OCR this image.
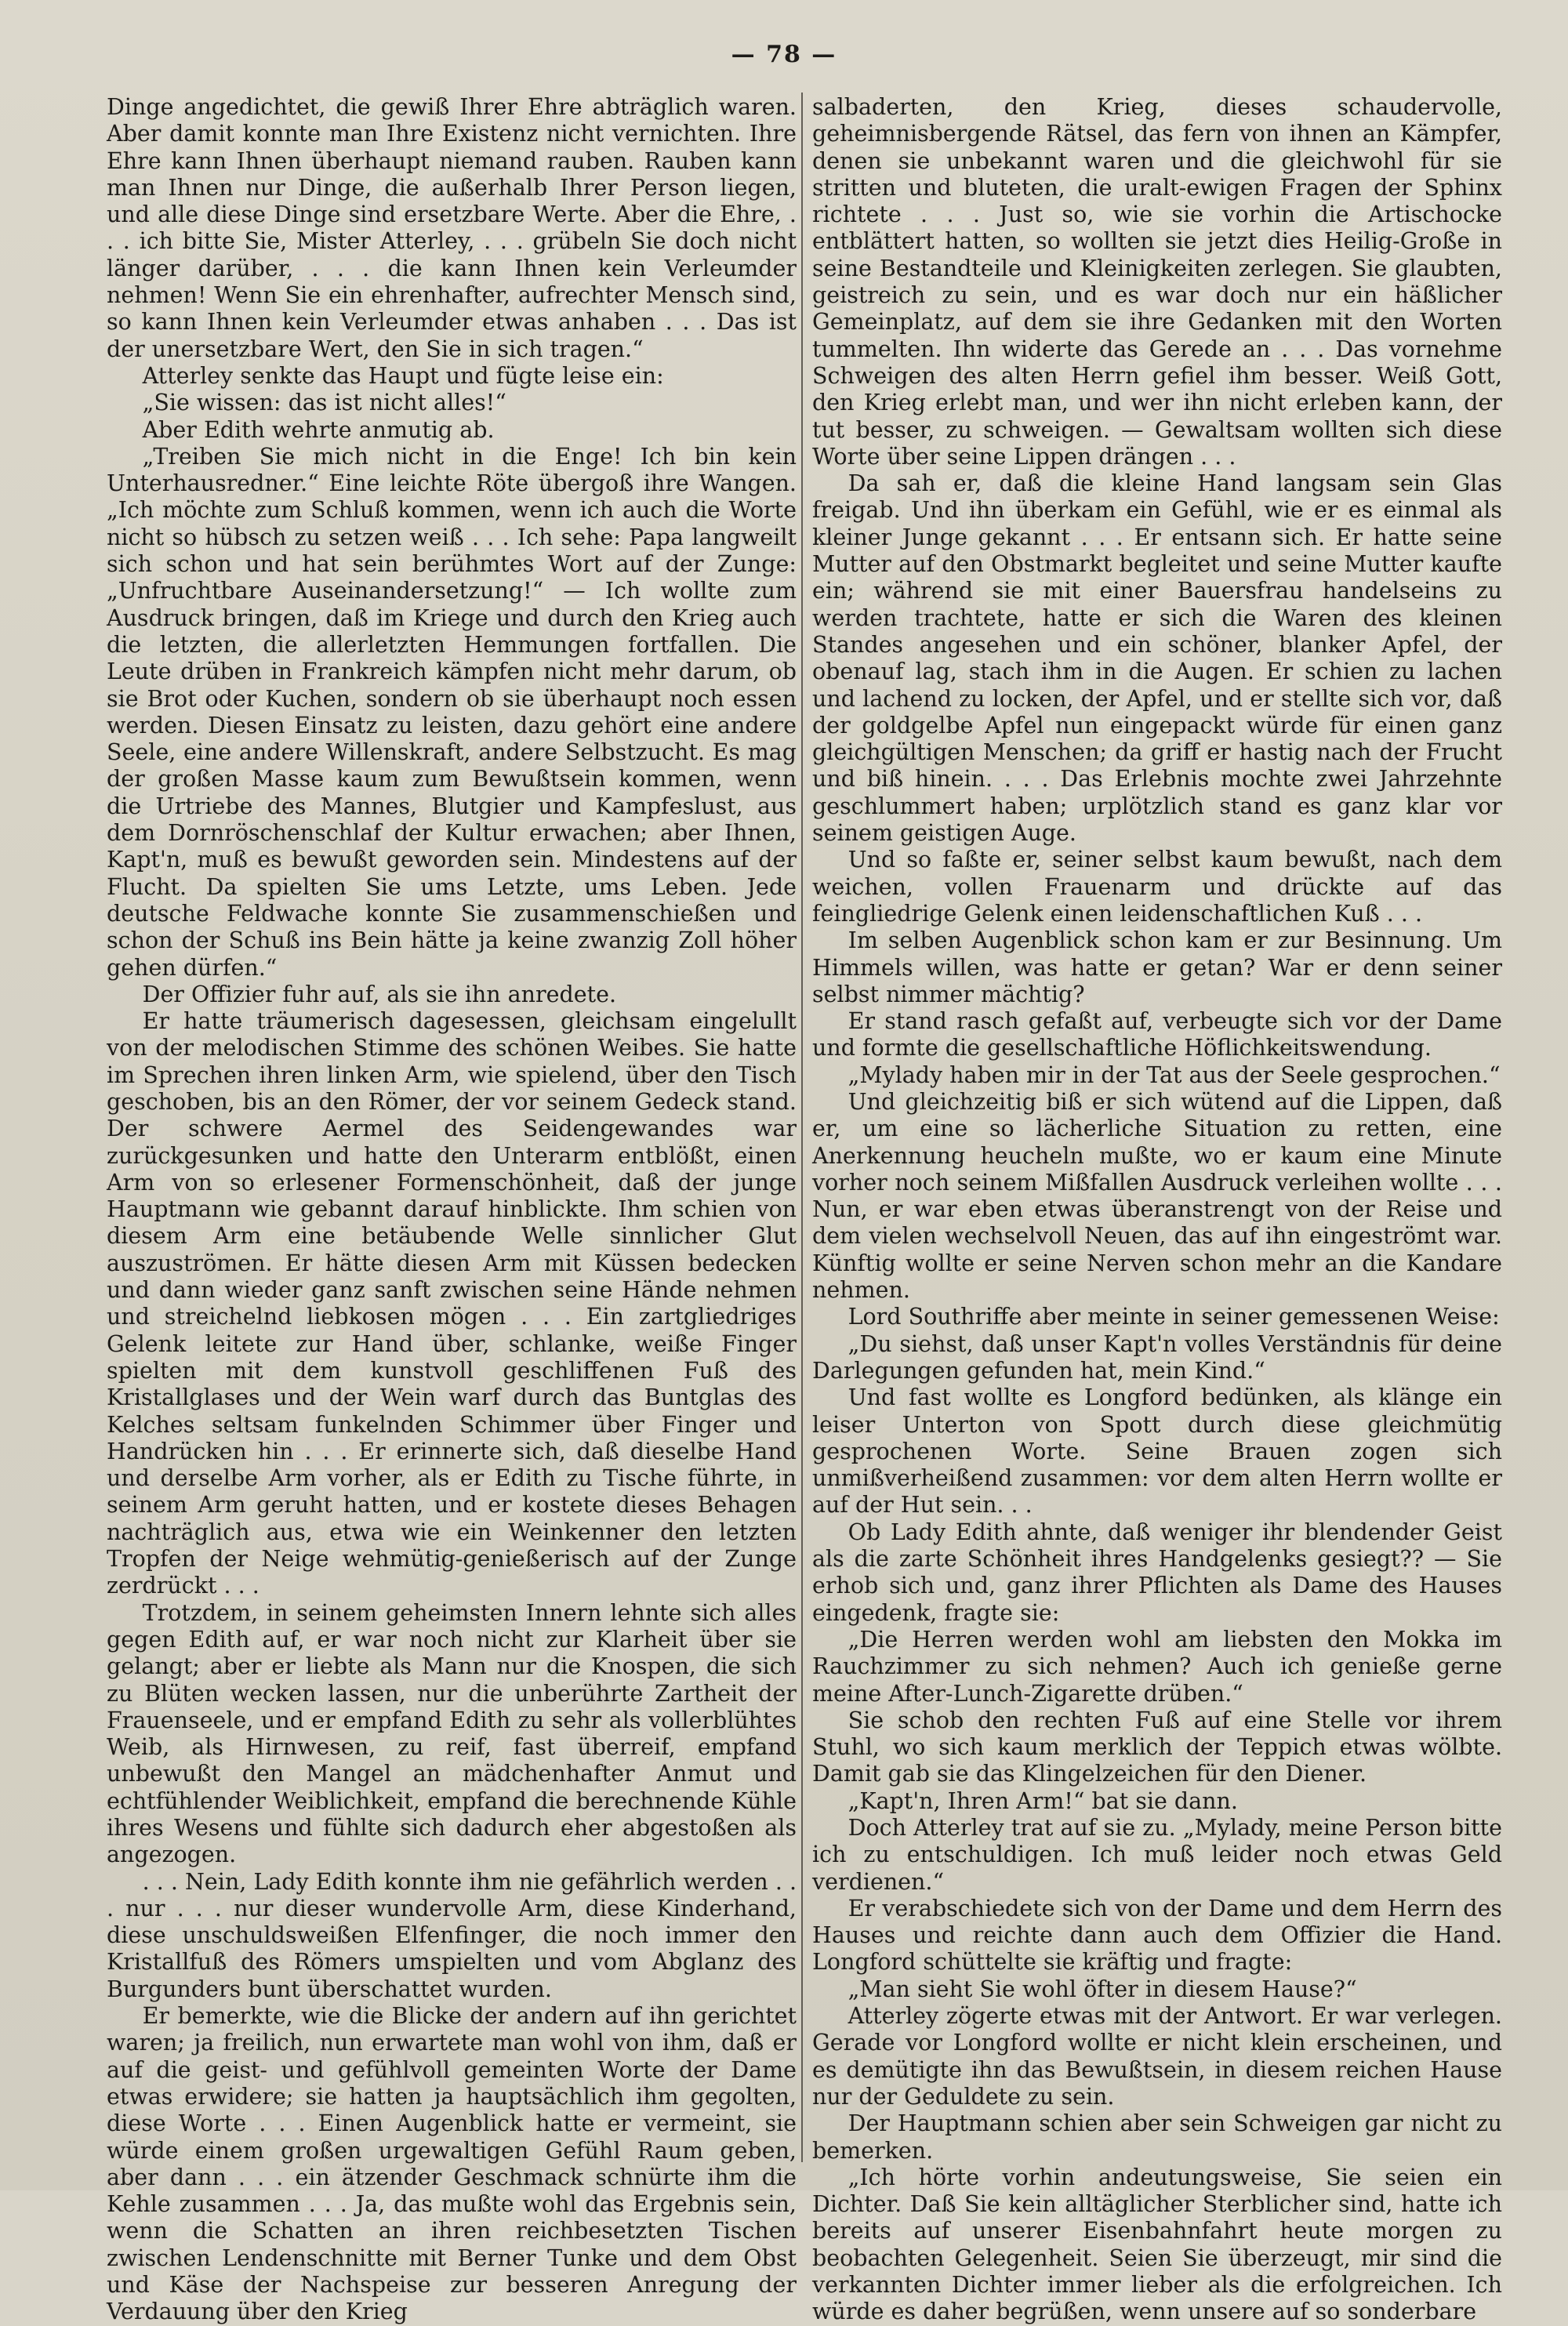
— 78 —

Dinge angedichtet, die gewiß Ihrer Ehre abträglich waren. Aber damit konnte man Ihre Existenz nicht vernichten. Ihre Ehre kann Ihnen überhaupt niemand rauben. Rauben kann man Ihnen nur Dinge, die außerhalb Ihrer Person liegen, und alle diese Dinge sind ersetzbare Werte. Aber die Ehre, . . . ich bitte Sie, Mister Atterley, . . . grübeln Sie doch nicht länger darüber, . . . die kann Ihnen kein Verleumder nehmen! Wenn Sie ein ehrenhafter, aufrechter Mensch sind, so kann Ihnen kein Verleumder etwas anhaben . . . Das ist der unersetzbare Wert, den Sie in sich tragen.“

Atterley senkte das Haupt und fügte leise ein:

„Sie wissen: das ist nicht alles!“

Aber Edith wehrte anmutig ab.

„Treiben Sie mich nicht in die Enge! Ich bin kein Unterhausredner.“ Eine leichte Röte übergoß ihre Wangen. „Ich möchte zum Schluß kommen, wenn ich auch die Worte nicht so hübsch zu setzen weiß . . . Ich sehe: Papa langweilt sich schon und hat sein berühmtes Wort auf der Zunge: „Unfruchtbare Auseinandersetzung!“ — Ich wollte zum Ausdruck bringen, daß im Kriege und durch den Krieg auch die letzten, die allerletzten Hemmungen fortfallen. Die Leute drüben in Frankreich kämpfen nicht mehr darum, ob sie Brot oder Kuchen, sondern ob sie überhaupt noch essen werden. Diesen Einsatz zu leisten, dazu gehört eine andere Seele, eine andere Willenskraft, andere Selbstzucht. Es mag der großen Masse kaum zum Bewußtsein kommen, wenn die Urtriebe des Mannes, Blutgier und Kampfeslust, aus dem Dornröschenschlaf der Kultur erwachen; aber Ihnen, Kapt'n, muß es bewußt geworden sein. Mindestens auf der Flucht. Da spielten Sie ums Letzte, ums Leben. Jede deutsche Feldwache konnte Sie zusammenschießen und schon der Schuß ins Bein hätte ja keine zwanzig Zoll höher gehen dürfen.“

Der Offizier fuhr auf, als sie ihn anredete.

Er hatte träumerisch dagesessen, gleichsam eingelullt von der melodischen Stimme des schönen Weibes. Sie hatte im Sprechen ihren linken Arm, wie spielend, über den Tisch geschoben, bis an den Römer, der vor seinem Gedeck stand. Der schwere Aermel des Seidengewandes war zurückgesunken und hatte den Unterarm entblößt, einen Arm von so erlesener Formenschönheit, daß der junge Hauptmann wie gebannt darauf hinblickte. Ihm schien von diesem Arm eine betäubende Welle sinnlicher Glut auszuströmen. Er hätte diesen Arm mit Küssen bedecken und dann wieder ganz sanft zwischen seine Hände nehmen und streichelnd liebkosen mögen . . . Ein zartgliedriges Gelenk leitete zur Hand über, schlanke, weiße Finger spielten mit dem kunstvoll geschliffenen Fuß des Kristallglases und der Wein warf durch das Buntglas des Kelches seltsam funkelnden Schimmer über Finger und Handrücken hin . . . Er erinnerte sich, daß dieselbe Hand und derselbe Arm vorher, als er Edith zu Tische führte, in seinem Arm geruht hatten, und er kostete dieses Behagen nachträglich aus, etwa wie ein Weinkenner den letzten Tropfen der Neige wehmütig-genießerisch auf der Zunge zerdrückt . . .

Trotzdem, in seinem geheimsten Innern lehnte sich alles gegen Edith auf, er war noch nicht zur Klarheit über sie gelangt; aber er liebte als Mann nur die Knospen, die sich zu Blüten wecken lassen, nur die unberührte Zartheit der Frauenseele, und er empfand Edith zu sehr als vollerblühtes Weib, als Hirnwesen, zu reif, fast überreif, empfand unbewußt den Mangel an mädchenhafter Anmut und echtfühlender Weiblichkeit, empfand die berechnende Kühle ihres Wesens und fühlte sich dadurch eher abgestoßen als angezogen.

. . . Nein, Lady Edith konnte ihm nie gefährlich werden . . . nur . . . nur dieser wundervolle Arm, diese Kinderhand, diese unschuldsweißen Elfenfinger, die noch immer den Kristallfuß des Römers umspielten und vom Abglanz des Burgunders bunt überschattet wurden.

Er bemerkte, wie die Blicke der andern auf ihn gerichtet waren; ja freilich, nun erwartete man wohl von ihm, daß er auf die geist- und gefühlvoll gemeinten Worte der Dame etwas erwidere; sie hatten ja hauptsächlich ihm gegolten, diese Worte . . . Einen Augenblick hatte er vermeint, sie würde einem großen urgewaltigen Gefühl Raum geben, aber dann . . . ein ätzender Geschmack schnürte ihm die Kehle zusammen . . . Ja, das mußte wohl das Ergebnis sein, wenn die Schatten an ihren reichbesetzten Tischen zwischen Lendenschnitte mit Berner Tunke und dem Obst und Käse der Nachspeise zur besseren Anregung der Verdauung über den Krieg

salbaderten, den Krieg, dieses schaudervolle, geheimnisbergende Rätsel, das fern von ihnen an Kämpfer, denen sie unbekannt waren und die gleichwohl für sie stritten und bluteten, die uralt-ewigen Fragen der Sphinx richtete . . . Just so, wie sie vorhin die Artischocke entblättert hatten, so wollten sie jetzt dies Heilig-Große in seine Bestandteile und Kleinigkeiten zerlegen. Sie glaubten, geistreich zu sein, und es war doch nur ein häßlicher Gemeinplatz, auf dem sie ihre Gedanken mit den Worten tummelten. Ihn widerte das Gerede an . . . Das vornehme Schweigen des alten Herrn gefiel ihm besser. Weiß Gott, den Krieg erlebt man, und wer ihn nicht erleben kann, der tut besser, zu schweigen. — Gewaltsam wollten sich diese Worte über seine Lippen drängen . . .

Da sah er, daß die kleine Hand langsam sein Glas freigab. Und ihn überkam ein Gefühl, wie er es einmal als kleiner Junge gekannt . . . Er entsann sich. Er hatte seine Mutter auf den Obstmarkt begleitet und seine Mutter kaufte ein; während sie mit einer Bauersfrau handelseins zu werden trachtete, hatte er sich die Waren des kleinen Standes angesehen und ein schöner, blanker Apfel, der obenauf lag, stach ihm in die Augen. Er schien zu lachen und lachend zu locken, der Apfel, und er stellte sich vor, daß der goldgelbe Apfel nun eingepackt würde für einen ganz gleichgültigen Menschen; da griff er hastig nach der Frucht und biß hinein. . . . Das Erlebnis mochte zwei Jahrzehnte geschlummert haben; urplötzlich stand es ganz klar vor seinem geistigen Auge.

Und so faßte er, seiner selbst kaum bewußt, nach dem weichen, vollen Frauenarm und drückte auf das feingliedrige Gelenk einen leidenschaftlichen Kuß . . .

Im selben Augenblick schon kam er zur Besinnung. Um Himmels willen, was hatte er getan? War er denn seiner selbst nimmer mächtig?

Er stand rasch gefaßt auf, verbeugte sich vor der Dame und formte die gesellschaftliche Höflichkeitswendung.

„Mylady haben mir in der Tat aus der Seele gesprochen.“

Und gleichzeitig biß er sich wütend auf die Lippen, daß er, um eine so lächerliche Situation zu retten, eine Anerkennung heucheln mußte, wo er kaum eine Minute vorher noch seinem Mißfallen Ausdruck verleihen wollte . . . Nun, er war eben etwas überanstrengt von der Reise und dem vielen wechselvoll Neuen, das auf ihn eingeströmt war. Künftig wollte er seine Nerven schon mehr an die Kandare nehmen.

Lord Southriffe aber meinte in seiner gemessenen Weise:

„Du siehst, daß unser Kapt'n volles Verständnis für deine Darlegungen gefunden hat, mein Kind.“

Und fast wollte es Longford bedünken, als klänge ein leiser Unterton von Spott durch diese gleichmütig gesprochenen Worte. Seine Brauen zogen sich unmißverheißend zusammen: vor dem alten Herrn wollte er auf der Hut sein. . .

Ob Lady Edith ahnte, daß weniger ihr blendender Geist als die zarte Schönheit ihres Handgelenks gesiegt?? — Sie erhob sich und, ganz ihrer Pflichten als Dame des Hauses eingedenk, fragte sie:

„Die Herren werden wohl am liebsten den Mokka im Rauchzimmer zu sich nehmen? Auch ich genieße gerne meine After-Lunch-Zigarette drüben.“

Sie schob den rechten Fuß auf eine Stelle vor ihrem Stuhl, wo sich kaum merklich der Teppich etwas wölbte. Damit gab sie das Klingelzeichen für den Diener.

„Kapt'n, Ihren Arm!“ bat sie dann.

Doch Atterley trat auf sie zu. „Mylady, meine Person bitte ich zu entschuldigen. Ich muß leider noch etwas Geld verdienen.“

Er verabschiedete sich von der Dame und dem Herrn des Hauses und reichte dann auch dem Offizier die Hand. Longford schüttelte sie kräftig und fragte:

„Man sieht Sie wohl öfter in diesem Hause?“

Atterley zögerte etwas mit der Antwort. Er war verlegen. Gerade vor Longford wollte er nicht klein erscheinen, und es demütigte ihn das Bewußtsein, in diesem reichen Hause nur der Geduldete zu sein.

Der Hauptmann schien aber sein Schweigen gar nicht zu bemerken.

„Ich hörte vorhin andeutungsweise, Sie seien ein Dichter. Daß Sie kein alltäglicher Sterblicher sind, hatte ich bereits auf unserer Eisenbahnfahrt heute morgen zu beobachten Gelegenheit. Seien Sie überzeugt, mir sind die verkannten Dichter immer lieber als die erfolgreichen. Ich würde es daher begrüßen, wenn unsere auf so sonderbare
